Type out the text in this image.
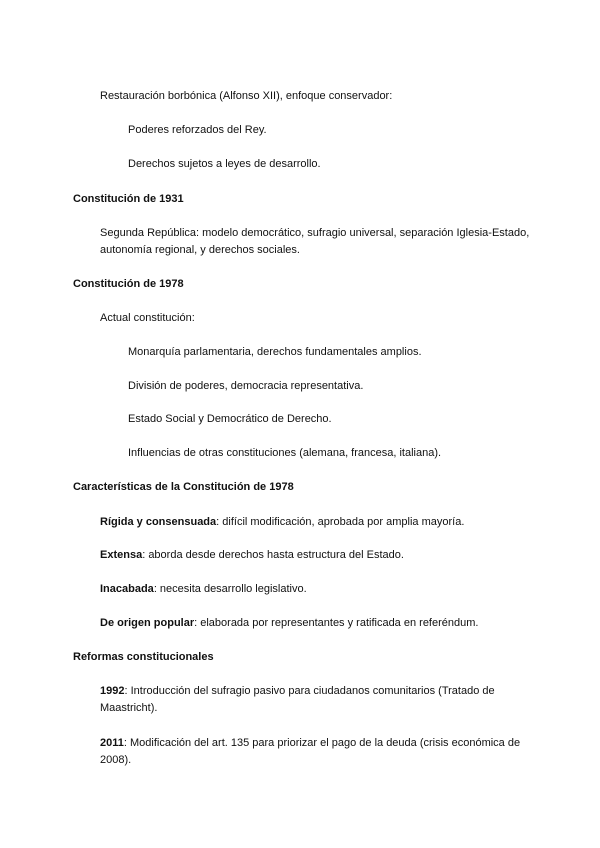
Restauración borbónica (Alfonso XII), enfoque conservador:
Poderes reforzados del Rey.
Derechos sujetos a leyes de desarrollo.
Constitución de 1931
Segunda República: modelo democrático, sufragio universal, separación Iglesia-Estado, autonomía regional, y derechos sociales.
Constitución de 1978
Actual constitución:
Monarquía parlamentaria, derechos fundamentales amplios.
División de poderes, democracia representativa.
Estado Social y Democrático de Derecho.
Influencias de otras constituciones (alemana, francesa, italiana).
Características de la Constitución de 1978
Rígida y consensuada: difícil modificación, aprobada por amplia mayoría.
Extensa: aborda desde derechos hasta estructura del Estado.
Inacabada: necesita desarrollo legislativo.
De origen popular: elaborada por representantes y ratificada en referéndum.
Reformas constitucionales
1992: Introducción del sufragio pasivo para ciudadanos comunitarios (Tratado de Maastricht).
2011: Modificación del art. 135 para priorizar el pago de la deuda (crisis económica de 2008).
